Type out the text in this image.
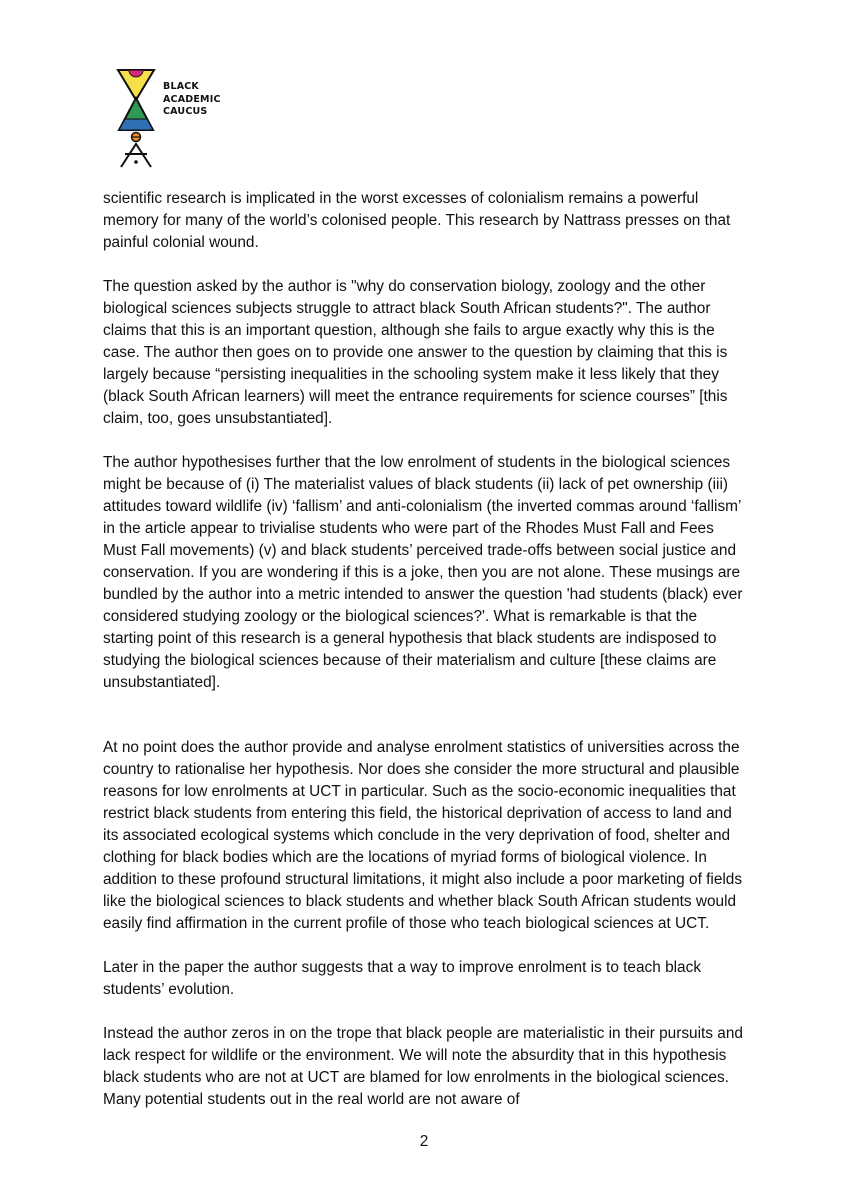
BLACK
ACADEMIC
CAUCUS

scientific research is implicated in the worst excesses of colonialism remains a powerful memory for many of the world’s colonised people. This research by Nattrass presses on that painful colonial wound.

The question asked by the author is "why do conservation biology, zoology and the other biological sciences subjects struggle to attract black South African students?". The author claims that this is an important question, although she fails to argue exactly why this is the case. The author then goes on to provide one answer to the question by claiming that this is largely because “persisting inequalities in the schooling system make it less likely that they (black South African learners) will meet the entrance requirements for science courses” [this claim, too, goes unsubstantiated].

The author hypothesises further that the low enrolment of students in the biological sciences might be because of (i) The materialist values of black students (ii) lack of pet ownership (iii) attitudes toward wildlife (iv) ‘fallism’ and anti-colonialism (the inverted commas around ‘fallism’ in the article appear to trivialise students who were part of the Rhodes Must Fall and Fees Must Fall movements) (v) and black students’ perceived trade-offs between social justice and conservation. If you are wondering if this is a joke, then you are not alone. These musings are bundled by the author into a metric intended to answer the question 'had students (black) ever considered studying zoology or the biological sciences?'. What is remarkable is that the starting point of this research is a general hypothesis that black students are indisposed to studying the biological sciences because of their materialism and culture [these claims are unsubstantiated].

At no point does the author provide and analyse enrolment statistics of universities across the country to rationalise her hypothesis. Nor does she consider the more structural and plausible reasons for low enrolments at UCT in particular. Such as the socio-economic inequalities that restrict black students from entering this field, the historical deprivation of access to land and its associated ecological systems which conclude in the very deprivation of food, shelter and clothing for black bodies which are the locations of myriad forms of biological violence. In addition to these profound structural limitations, it might also include a poor marketing of fields like the biological sciences to black students and whether black South African students would easily find affirmation in the current profile of those who teach biological sciences at UCT.

Later in the paper the author suggests that a way to improve enrolment is to teach black students’ evolution.

Instead the author zeros in on the trope that black people are materialistic in their pursuits and lack respect for wildlife or the environment. We will note the absurdity that in this hypothesis black students who are not at UCT are blamed for low enrolments in the biological sciences. Many potential students out in the real world are not aware of

2
